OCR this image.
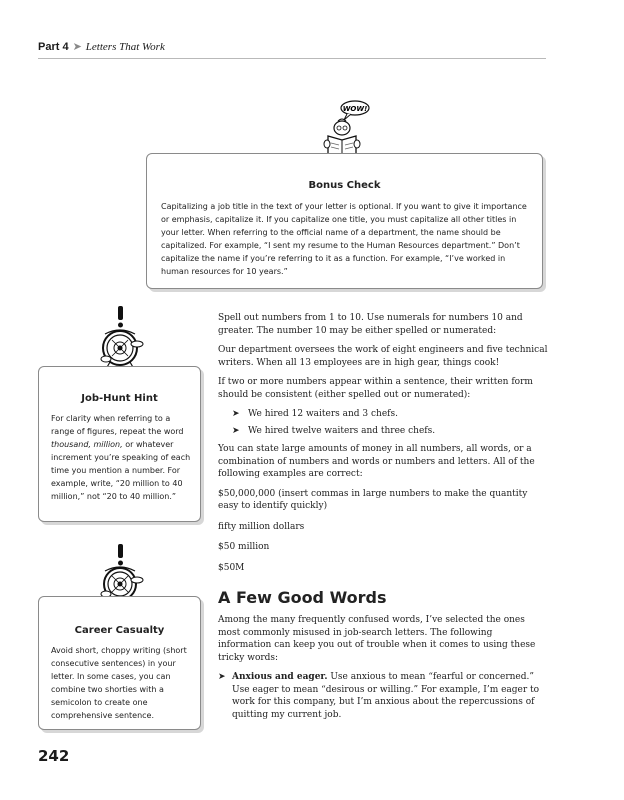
Part 4 ➤ Letters That Work
WOW!
Bonus Check

Capitalizing a job title in the text of your letter is optional. If you want to give it importance or emphasis, capitalize it. If you capitalize one title, you must capitalize all other titles in your letter. When referring to the official name of a department, the name should be capitalized. For example, “I sent my resume to the Human Resources department.” Don’t capitalize the name if you’re referring to it as a function. For example, “I’ve worked in human resources for 10 years.”

Job-Hunt Hint

For clarity when referring to a range of figures, repeat the word thousand, million, or whatever increment you’re speaking of each time you mention a number. For example, write, “20 million to 40 million,” not “20 to 40 million.”

Career Casualty

Avoid short, choppy writing (short consecutive sentences) in your letter. In some cases, you can combine two shorties with a semicolon to create one comprehensive sentence.

Spell out numbers from 1 to 10. Use numerals for numbers 10 and greater. The number 10 may be either spelled or numerated:

Our department oversees the work of eight engineers and five technical writers. When all 13 employees are in high gear, things cook!

If two or more numbers appear within a sentence, their written form should be consistent (either spelled out or numerated):

➤ We hired 12 waiters and 3 chefs.
➤ We hired twelve waiters and three chefs.

You can state large amounts of money in all numbers, all words, or a combination of numbers and words or numbers and letters. All of the following examples are correct:

$50,000,000 (insert commas in large numbers to make the quantity easy to identify quickly)

fifty million dollars

$50 million

$50M

A Few Good Words

Among the many frequently confused words, I’ve selected the ones most commonly misused in job-search letters. The following information can keep you out of trouble when it comes to using these tricky words:

➤ Anxious and eager. Use anxious to mean “fearful or concerned.” Use eager to mean “desirous or willing.” For example, I’m eager to work for this company, but I’m anxious about the repercussions of quitting my current job.
242
